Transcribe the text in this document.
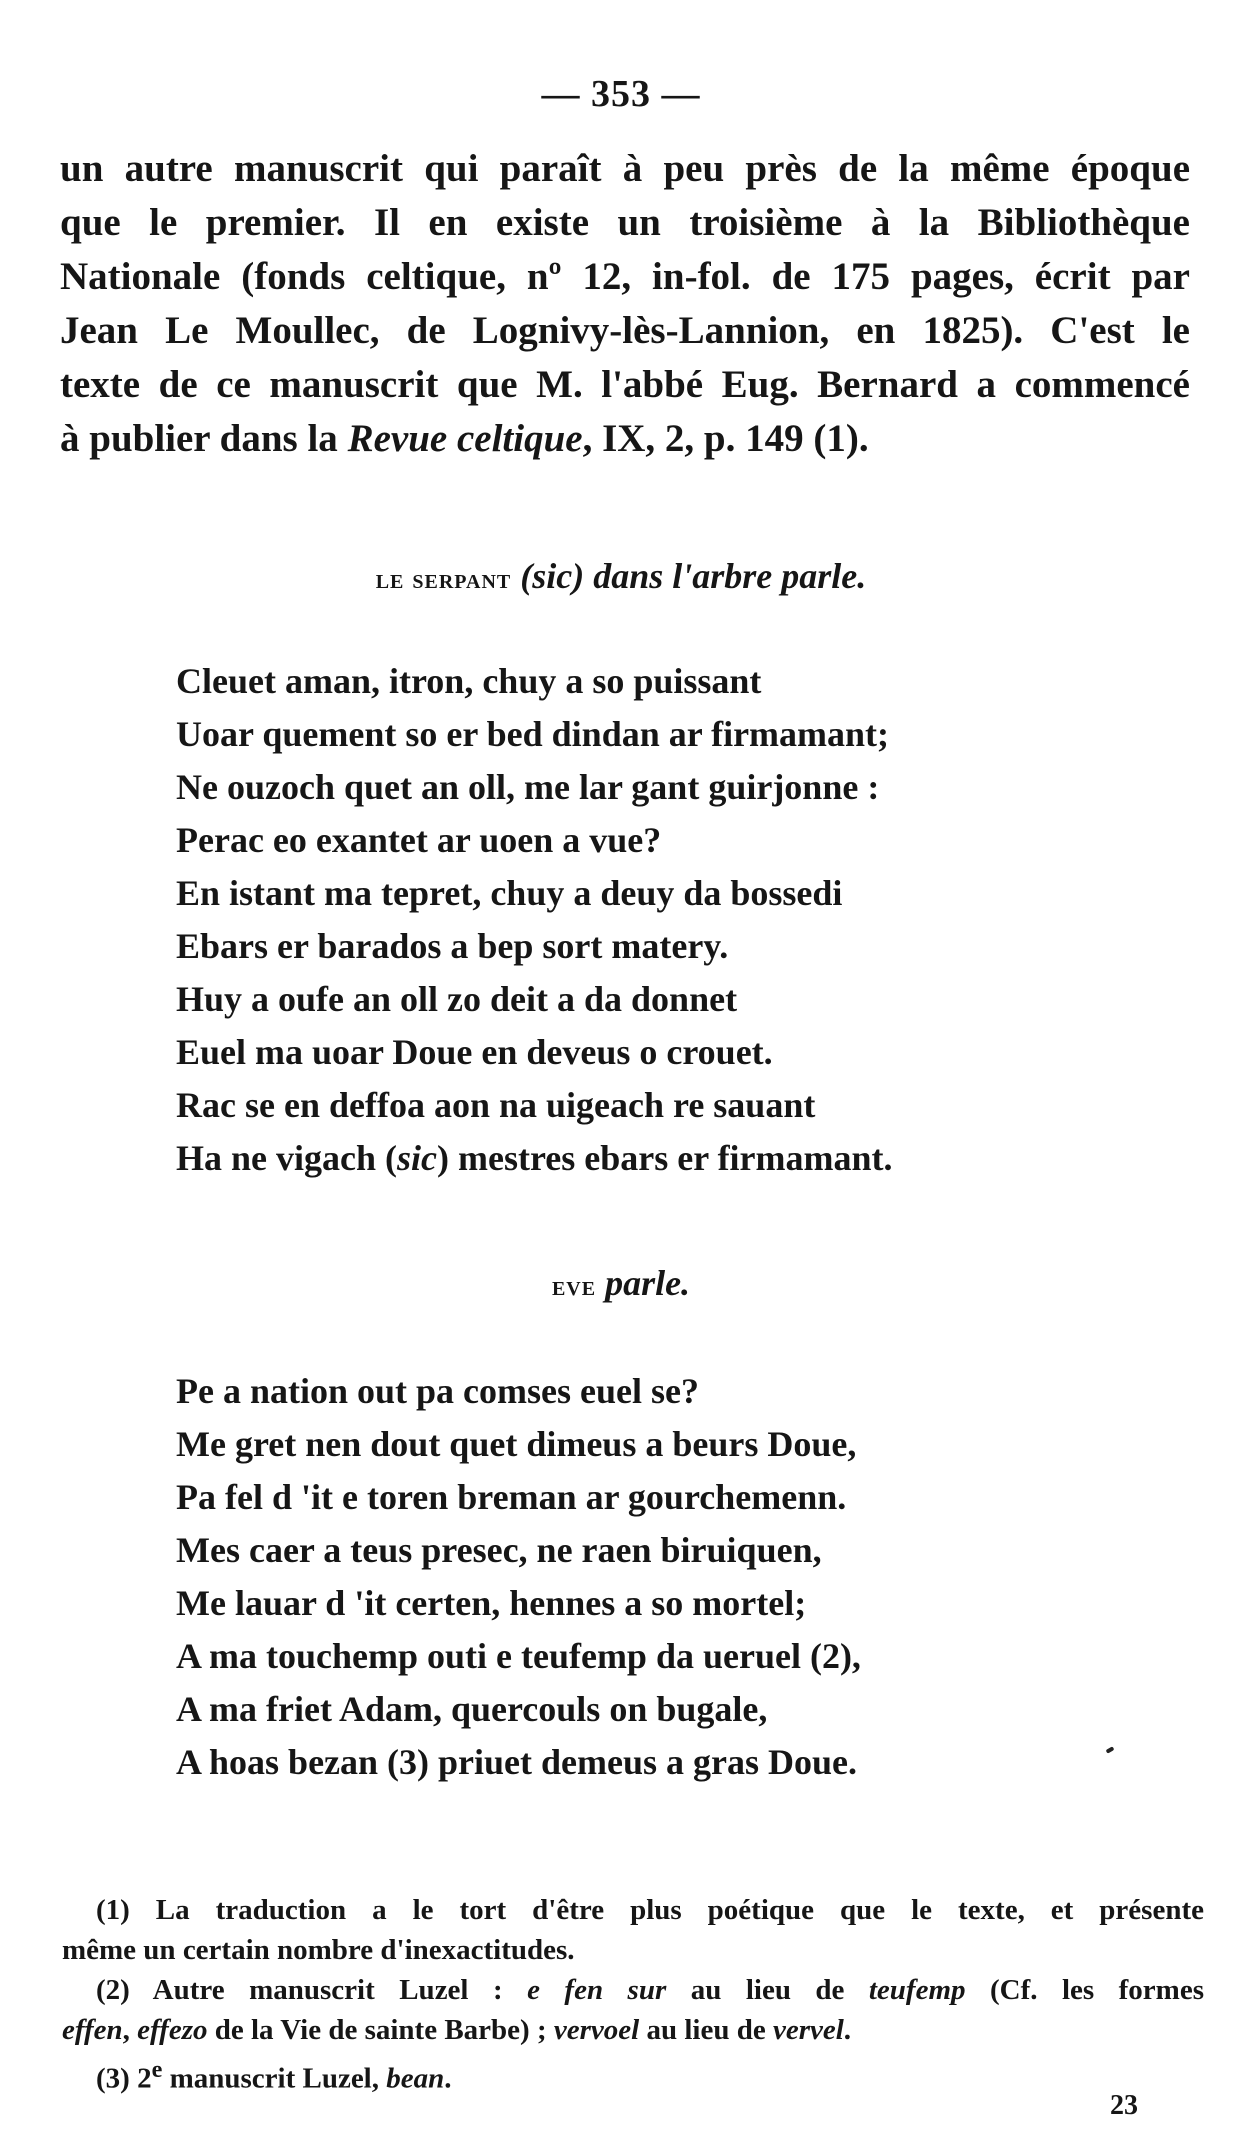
— 353 —
un autre manuscrit qui paraît à peu près de la même époque
que le premier. Il en existe un troisième à la Bibliothèque
Nationale (fonds celtique, nº 12, in-fol. de 175 pages, écrit par
Jean Le Moullec, de Lognivy-lès-Lannion, en 1825). C'est le
texte de ce manuscrit que M. l'abbé Eug. Bernard a commencé
à publier dans la Revue celtique, IX, 2, p. 149 (1).
le serpant (sic) dans l'arbre parle.
Cleuet aman, itron, chuy a so puissant
Uoar quement so er bed dindan ar firmamant;
Ne ouzoch quet an oll, me lar gant guirjonne :
Perac eo exantet ar uoen a vue?
En istant ma tepret, chuy a deuy da bossedi
Ebars er barados a bep sort matery.
Huy a oufe an oll zo deit a da donnet
Euel ma uoar Doue en deveus o crouet.
Rac se en deffoa aon na uigeach re sauant
Ha ne vigach (sic) mestres ebars er firmamant.
eve parle.
Pe a nation out pa comses euel se?
Me gret nen dout quet dimeus a beurs Doue,
Pa fel d 'it e toren breman ar gourchemenn.
Mes caer a teus presec, ne raen biruiquen,
Me lauar d 'it certen, hennes a so mortel;
A ma touchemp outi e teufemp da ueruel (2),
A ma friet Adam, quercouls on bugale,
A hoas bezan (3) priuet demeus a gras Doue.
(1) La traduction a le tort d'être plus poétique que le texte, et présente
même un certain nombre d'inexactitudes.
(2) Autre manuscrit Luzel : e fen sur au lieu de teufemp (Cf. les formes
effen, effezo de la Vie de sainte Barbe) ; vervoel au lieu de vervel.
(3) 2e manuscrit Luzel, bean.
23
